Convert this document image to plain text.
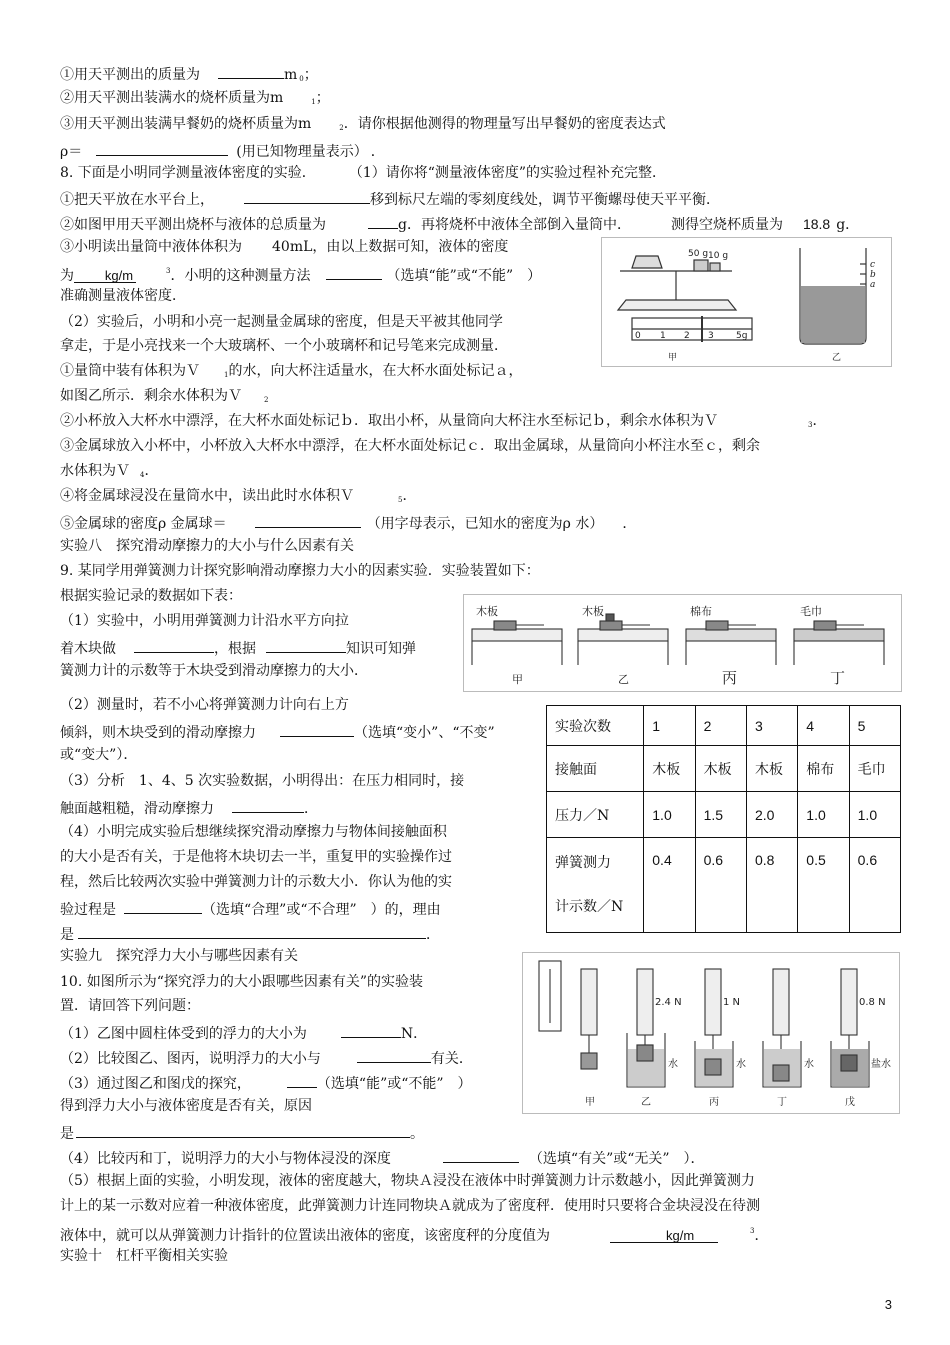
①用天平测出的质量为	m $_0$；
②用天平测出装满水的烧杯质量为m	$_1$；
③用天平测出装满早餐奶的烧杯质量为m	$_2$．请你根据他测得的物理量写出早餐奶的密度表达式
ρ＝	(用已知物理量表示） ．
8. 下面是小明同学测量液体密度的实验．	（1）请你将“测量液体密度”的实验过程补充完整．
①把天平放在水平台上，	移到标尺左端的零刻度线处，调节平衡螺母使天平平衡．
②如图甲用天平测出烧杯与液体的总质量为	g．再将烧杯中液体全部倒入量筒中．	测得空烧杯质量为 18.8 g．
③小明读出量筒中液体体积为 40mL，由以上数据可知，液体的密度
为 kg/m	$^3$．小明的这种测量方法	（选填“能”或“不能”　）
准确测量液体密度．
（2）实验后，小明和小亮一起测量金属球的密度，但是天平被其他同学
拿走，于是小亮找来一个大玻璃杯、一个小玻璃杯和记号笔来完成测量．
①量筒中装有体积为Ｖ	$_1$的水，向大杯注适量水，在大杯水面处标记ａ，
如图乙所示．剩余水体积为Ｖ	$_2$
②小杯放入大杯水中漂浮，在大杯水面处标记ｂ．取出小杯，从量筒向大杯注水至标记ｂ，剩余水体积为Ｖ	$_3$．
③金属球放入小杯中，小杯放入大杯水中漂浮，在大杯水面处标记ｃ．取出金属球，从量筒向小杯注水至ｃ，剩余
水体积为Ｖ $_4$．
④将金属球浸没在量筒水中，读出此时水体积Ｖ	$_5$．
⑤金属球的密度ρ 金属球＝	（用字母表示，已知水的密度为ρ 水） ．
实验八　探究滑动摩擦力的大小与什么因素有关
50 g 10 g
0 1 2 3 5g
甲	乙
c
b
a
9. 某同学用弹簧测力计探究影响滑动摩擦力大小的因素实验．实验装置如下：
根据实验记录的数据如下表：
（1）实验中，小明用弹簧测力计沿水平方向拉
着木块做	，根据	知识可知弹
簧测力计的示数等于木块受到滑动摩擦力的大小．
（2）测量时，若不小心将弹簧测力计向右上方
倾斜，则木块受到的滑动摩擦力	（选填“变小”、“不变”
或“变大”）．
（3）分析　1、4、5 次实验数据，小明得出：在压力相同时，接
触面越粗糙，滑动摩擦力	．
（4）小明完成实验后想继续探究滑动摩擦力与物体间接触面积
的大小是否有关，于是他将木块切去一半，重复甲的实验操作过
程，然后比较两次实验中弹簧测力计的示数大小．你认为他的实
验过程是	（选填“合理”或“不合理”　）的，理由
是	．
实验九　探究浮力大小与哪些因素有关
木板	木板	棉布	毛巾
甲	乙	丙	丁
实验次数	1	2	3	4	5
接触面	木板	木板	木板	棉布	毛巾
压力／N	1.0	1.5	2.0	1.0	1.0
弹簧测力
计示数／N	0.4	0.6	0.8	0.5	0.6
10. 如图所示为“探究浮力的大小跟哪些因素有关”的实验装
置．请回答下列问题：
（1）乙图中圆柱体受到的浮力的大小为	N．
（2）比较图乙、图丙，说明浮力的大小与	有关．
（3）通过图乙和图戊的探究，	（选填“能”或“不能”　）
得到浮力大小与液体密度是否有关，原因
是	。
（4）比较丙和丁，说明浮力的大小与物体浸没的深度	（选填“有关”或“无关”　）．
（5）根据上面的实验，小明发现，液体的密度越大，物块Ａ浸没在液体中时弹簧测力计示数越小，因此弹簧测力
计上的某一示数对应着一种液体密度，此弹簧测力计连同物块Ａ就成为了密度秤．使用时只要将合金块浸没在待测
液体中，就可以从弹簧测力计指针的位置读出液体的密度，该密度秤的分度值为	kg/m	$^3$．
实验十　杠杆平衡相关实验
2.4 N	1 N	0.8 N
水	水	水	盐水
甲	乙	丙	丁	戊
3
